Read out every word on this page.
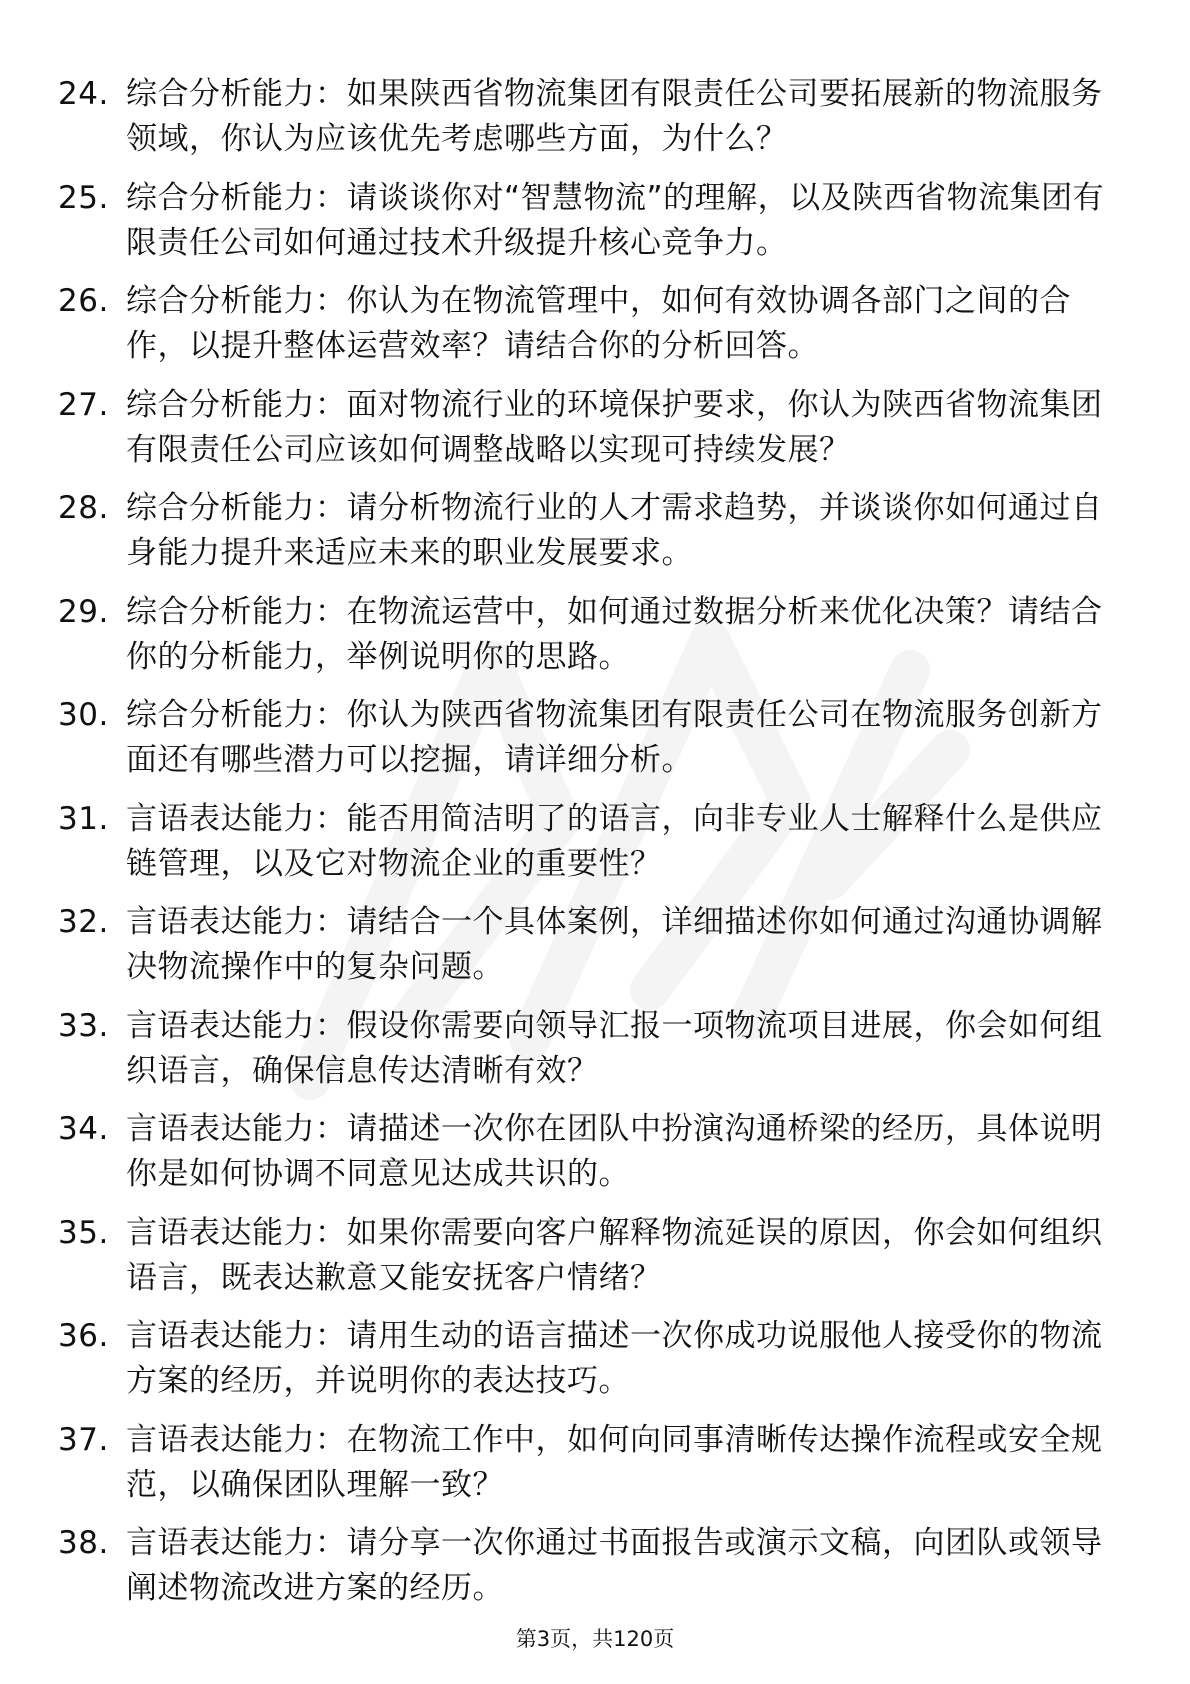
24. 综合分析能力：如果陕西省物流集团有限责任公司要拓展新的物流服务领域，你认为应该优先考虑哪些方面，为什么？
25. 综合分析能力：请谈谈你对“智慧物流”的理解，以及陕西省物流集团有限责任公司如何通过技术升级提升核心竞争力。
26. 综合分析能力：你认为在物流管理中，如何有效协调各部门之间的合作，以提升整体运营效率？请结合你的分析回答。
27. 综合分析能力：面对物流行业的环境保护要求，你认为陕西省物流集团有限责任公司应该如何调整战略以实现可持续发展？
28. 综合分析能力：请分析物流行业的人才需求趋势，并谈谈你如何通过自身能力提升来适应未来的职业发展要求。
29. 综合分析能力：在物流运营中，如何通过数据分析来优化决策？请结合你的分析能力，举例说明你的思路。
30. 综合分析能力：你认为陕西省物流集团有限责任公司在物流服务创新方面还有哪些潜力可以挖掘，请详细分析。
31. 言语表达能力：能否用简洁明了的语言，向非专业人士解释什么是供应链管理，以及它对物流企业的重要性？
32. 言语表达能力：请结合一个具体案例，详细描述你如何通过沟通协调解决物流操作中的复杂问题。
33. 言语表达能力：假设你需要向领导汇报一项物流项目进展，你会如何组织语言，确保信息传达清晰有效？
34. 言语表达能力：请描述一次你在团队中扮演沟通桥梁的经历，具体说明你是如何协调不同意见达成共识的。
35. 言语表达能力：如果你需要向客户解释物流延误的原因，你会如何组织语言，既表达歉意又能安抚客户情绪？
36. 言语表达能力：请用生动的语言描述一次你成功说服他人接受你的物流方案的经历，并说明你的表达技巧。
37. 言语表达能力：在物流工作中，如何向同事清晰传达操作流程或安全规范，以确保团队理解一致？
38. 言语表达能力：请分享一次你通过书面报告或演示文稿，向团队或领导阐述物流改进方案的经历。
第3页，共120页
